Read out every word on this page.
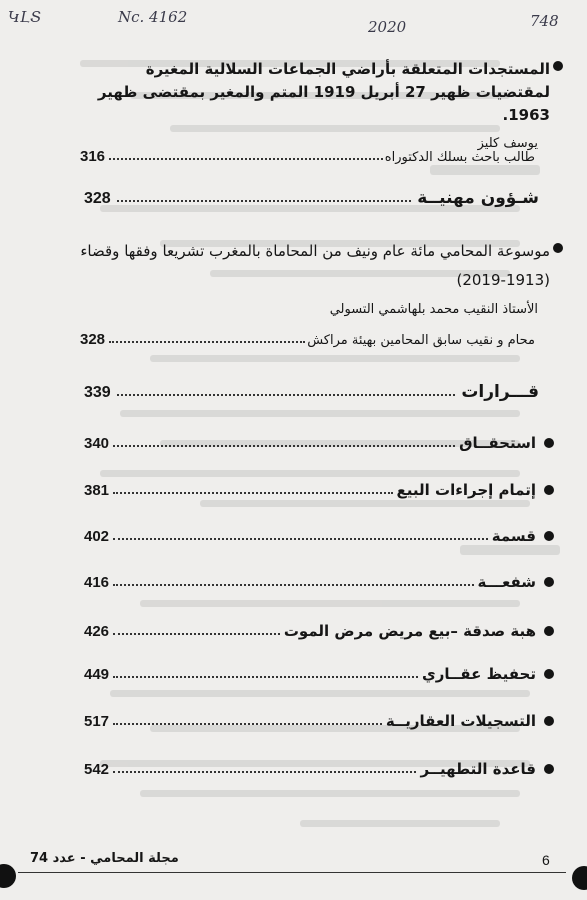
ԿԼՏ	Nc. 4162
2020	748
المستجدات المتعلقة بأراضي الجماعات السلالية المغيرة لمقتضيات ظهير 27 أبريل 1919 المتم والمغير بمقتضى ظهير 1963.
يوسف كليز
316	طالب باحث بسلك الدكتوراه
328	شـؤون مهنيــة
موسوعة المحامي مائة عام ونيف من المحاماة بالمغرب تشريعا وفقها وقضاء (1913-2019)
الأستاذ النقيب محمد بلهاشمي التسولي
328	محام و نقيب سابق المحامين بهيئة مراكش
339	قـــرارات
340	استحقــاق
381	إتمام إجراءات البيع
402	قسمة
416	شفعـــة
426	هبة صدقة –بيع مريض مرض الموت
449	تحفيظ عقــاري
517	التسجيلات العقاريــة
542	قاعدة التطهيــر
مجلة المحامي - عدد 74	6
